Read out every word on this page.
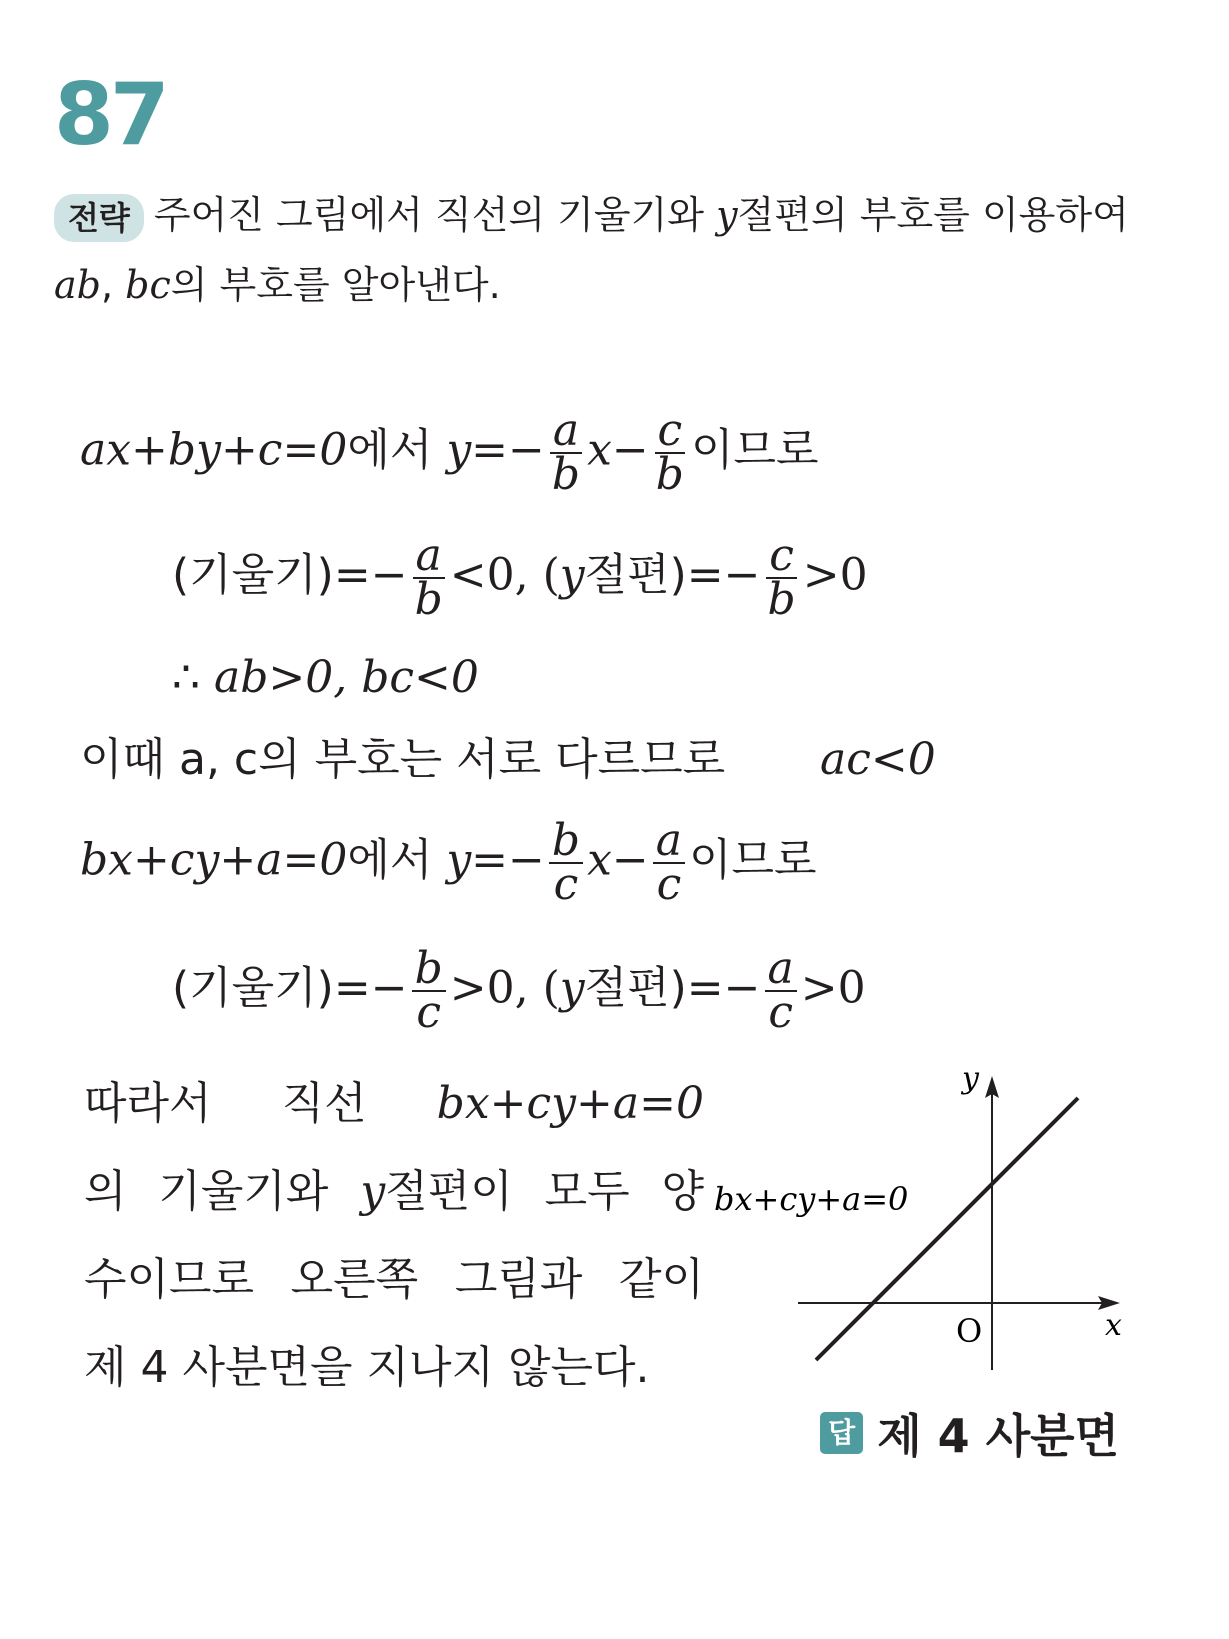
87
전략 주어진 그림에서 직선의 기울기와 y절편의 부호를 이용하여
ab, bc의 부호를 알아낸다.
ax+by+c=0에서 $y=- \frac{a}{b} x- \frac{c}{b}$ 이므로
(기울기)=− $\frac{a}{b} <0$, (y절편)=− $\frac{c}{b} >0$
∴ ab>0, bc<0
이때 a, c의 부호는 서로 다르므로 ac<0
bx+cy+a=0에서 $y=- \frac{b}{c} x- \frac{a}{c}$ 이므로
(기울기)=− $\frac{b}{c} >0$, (y절편)=− $\frac{a}{c} >0$
따라서 직선 bx+cy+a=0
의 기울기와 y절편이 모두 양
수이므로 오른쪽 그림과 같이
제 4 사분면을 지나지 않는다.
x
y
O
bx+cy+a=0
답 제 4 사분면
